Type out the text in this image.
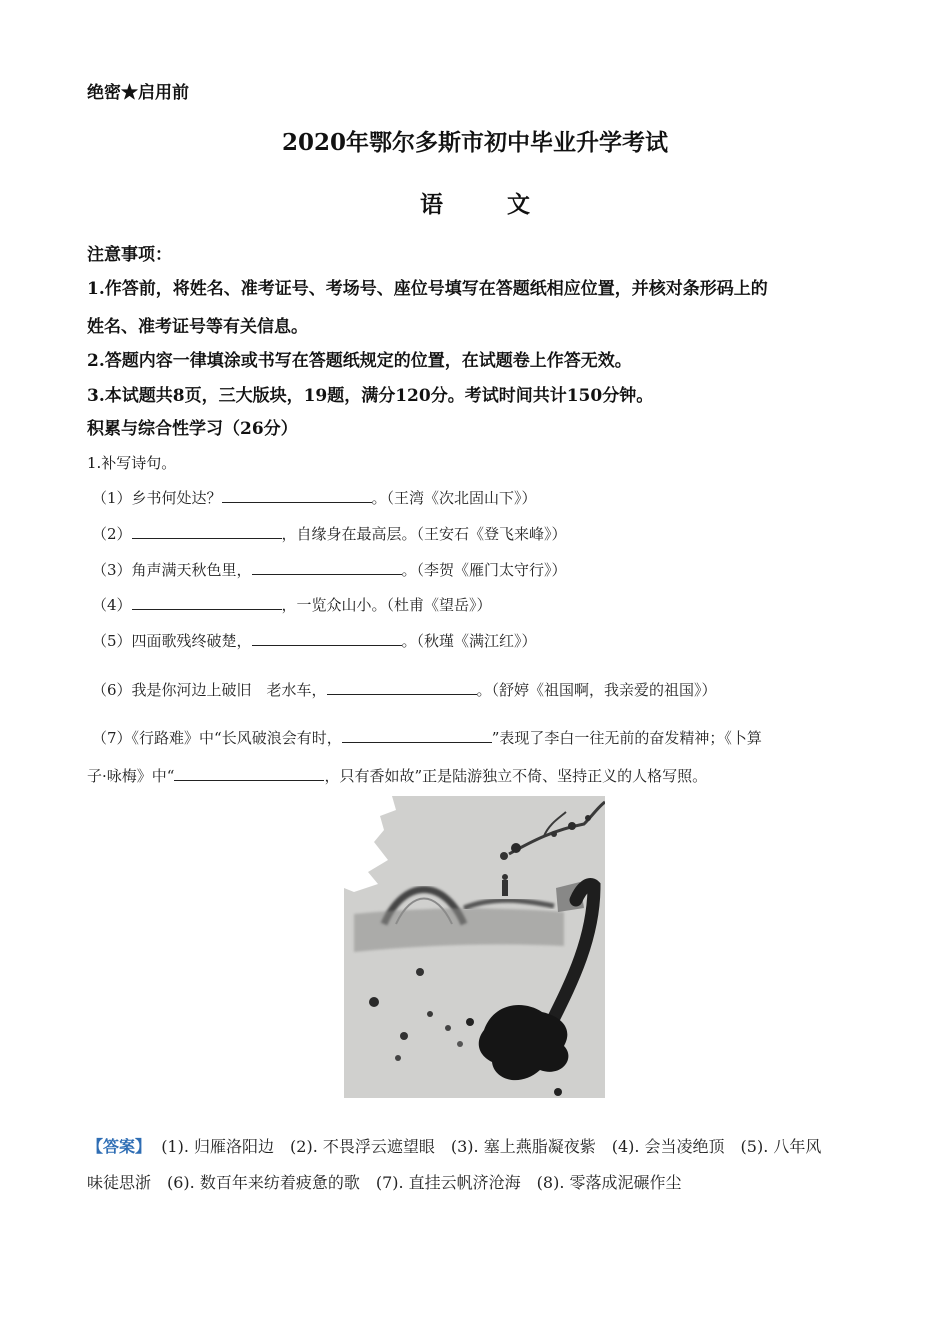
绝密★启用前
2020年鄂尔多斯市初中毕业升学考试
语 文
注意事项：
1.作答前，将姓名、准考证号、考场号、座位号填写在答题纸相应位置，并核对条形码上的
姓名、准考证号等有关信息。
2.答题内容一律填涂或书写在答题纸规定的位置，在试题卷上作答无效。
3.本试题共8页，三大版块，19题，满分120分。考试时间共计150分钟。
积累与综合性学习（26分）
1.补写诗句。
（1）乡书何处达？	。（王湾《次北固山下》）
（2）	，自缘身在最高层。（王安石《登飞来峰》）
（3）角声满天秋色里，	。（李贺《雁门太守行》）
（4）	，一览众山小。（杜甫《望岳》）
（5）四面歌残终破楚，	。（秋瑾《满江红》）
（6）我是你河边上破旧　老水车，	。（舒婷《祖国啊，我亲爱的祖国》）
（7）《行路难》中“长风破浪会有时，	”表现了李白一往无前的奋发精神；《卜算
子·咏梅》中“	，只有香如故”正是陆游独立不倚、坚持正义的人格写照。
【答案】 (1). 归雁洛阳边　(2). 不畏浮云遮望眼　(3). 塞上燕脂凝夜紫　(4). 会当凌绝顶　(5). 八年风
味徒思浙　(6). 数百年来纺着疲惫的歌　(7). 直挂云帆济沧海　(8). 零落成泥碾作尘
